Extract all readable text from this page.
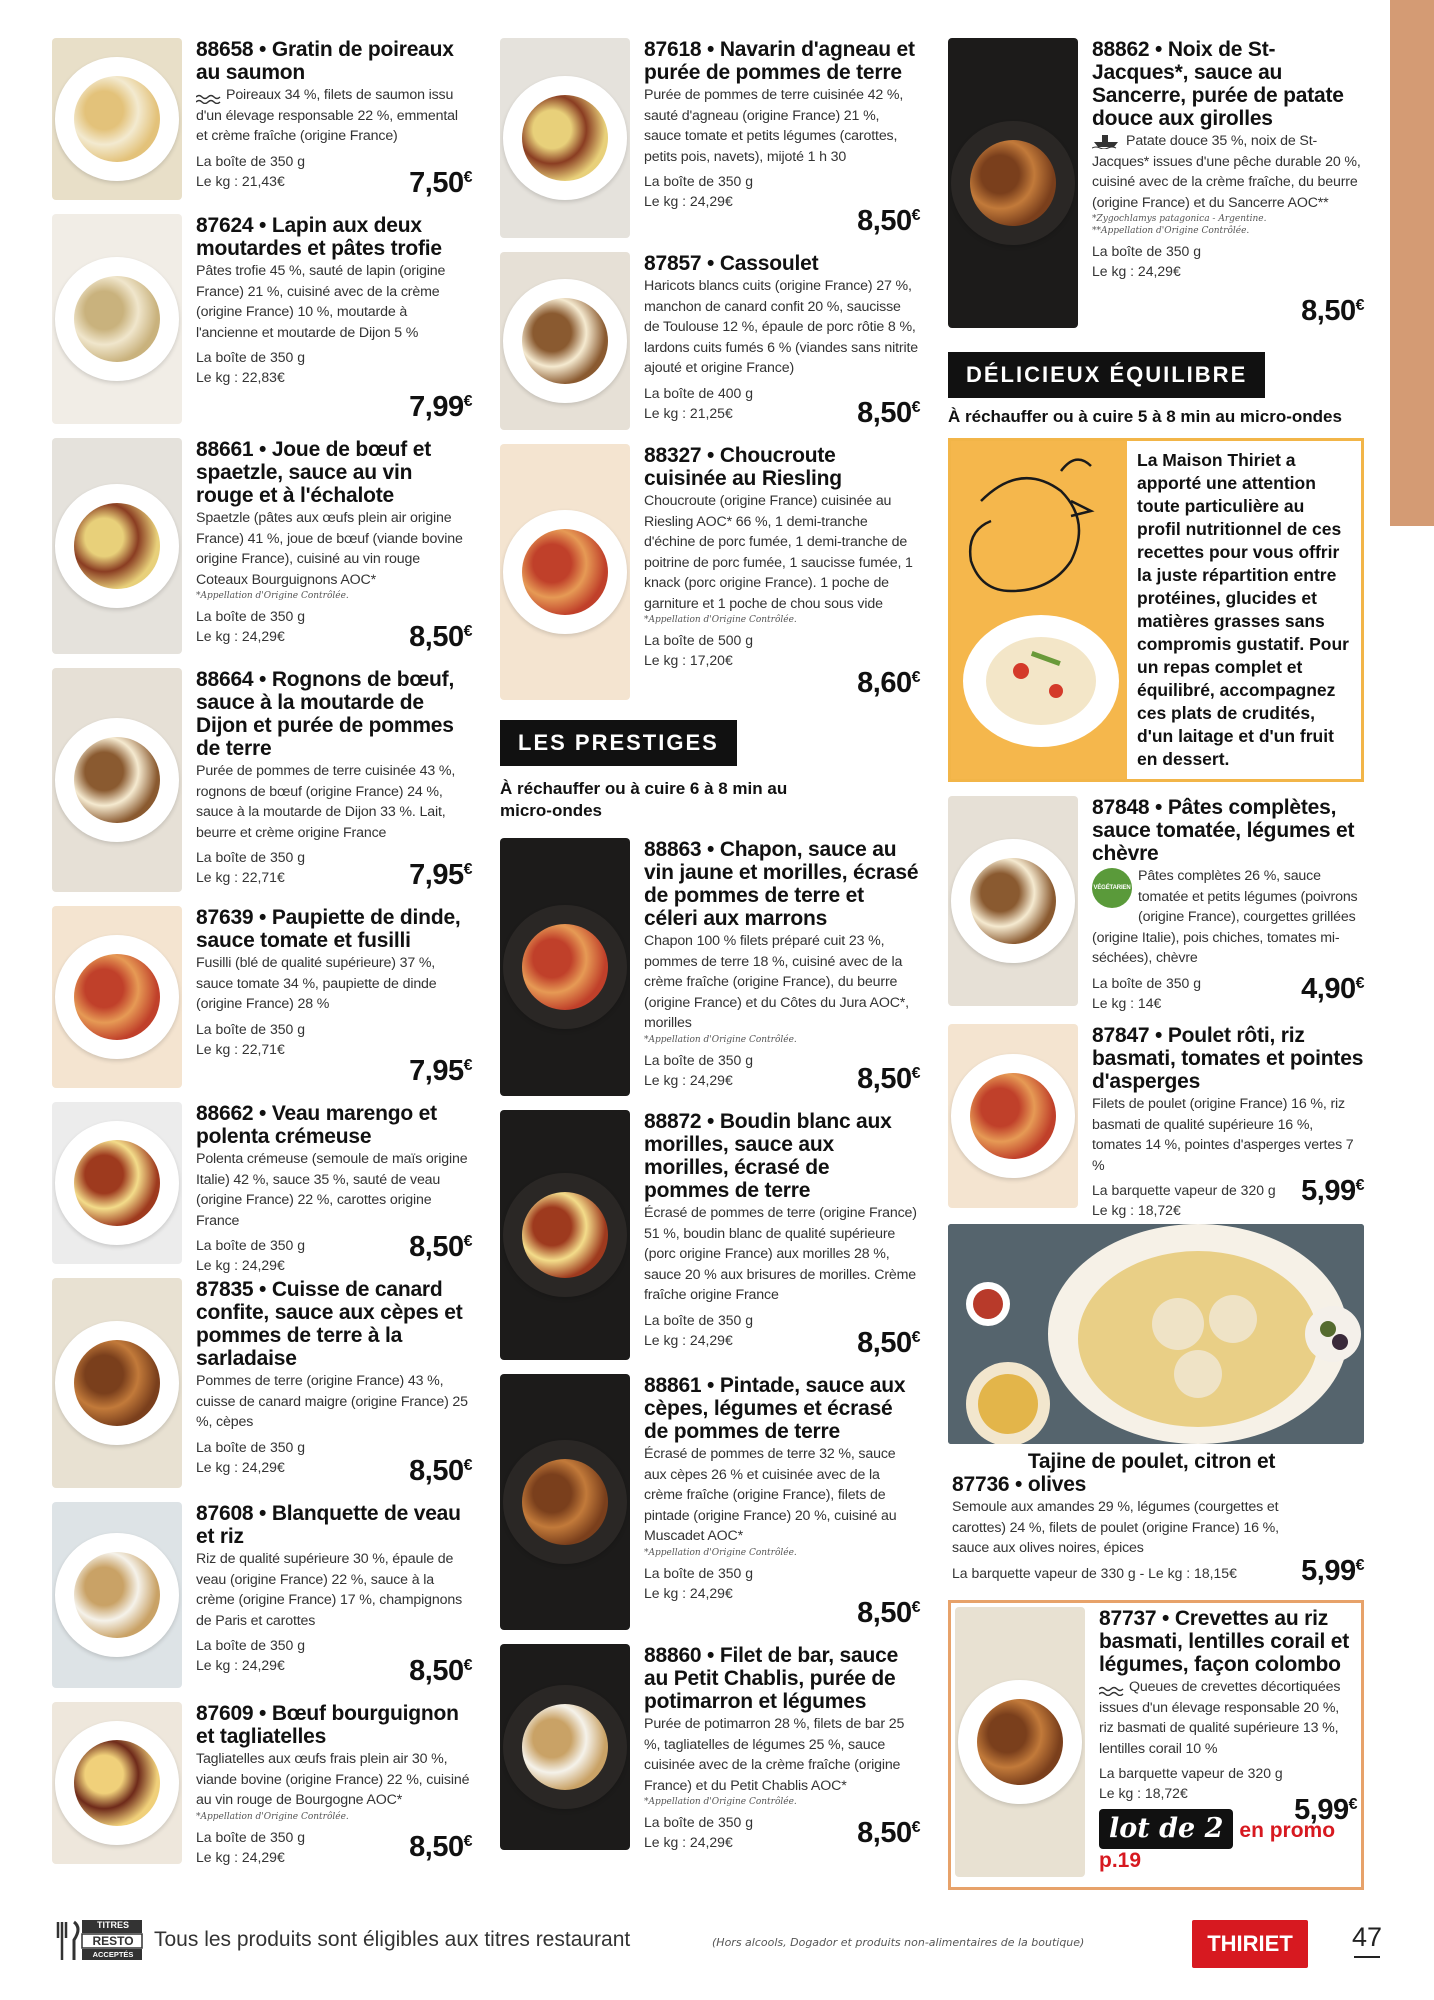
88658 • Gratin de poireaux au saumon
Poireaux 34 %, filets de saumon issu d'un élevage responsable 22 %, emmental et crème fraîche (origine France)
La boîte de 350 g
Le kg : 21,43€	7,50€
87624 • Lapin aux deux moutardes et pâtes trofie
Pâtes trofie 45 %, sauté de lapin (origine France) 21 %, cuisiné avec de la crème (origine France) 10 %, moutarde à l'ancienne et moutarde de Dijon 5 %
La boîte de 350 g
Le kg : 22,83€
7,99€
88661 • Joue de bœuf et spaetzle, sauce au vin rouge et à l'échalote
Spaetzle (pâtes aux œufs plein air origine France) 41 %, joue de bœuf (viande bovine origine France), cuisiné au vin rouge Coteaux Bourguignons AOC*
*Appellation d'Origine Contrôlée.
La boîte de 350 g
Le kg : 24,29€	8,50€
88664 • Rognons de bœuf, sauce à la moutarde de Dijon et purée de pommes de terre
Purée de pommes de terre cuisinée 43 %, rognons de bœuf (origine France) 24 %, sauce à la moutarde de Dijon 33 %. Lait, beurre et crème origine France
La boîte de 350 g
Le kg : 22,71€	7,95€
87639 • Paupiette de dinde, sauce tomate et fusilli
Fusilli (blé de qualité supérieure) 37 %, sauce tomate 34 %, paupiette de dinde (origine France) 28 %
La boîte de 350 g
Le kg : 22,71€
7,95€
88662 • Veau marengo et polenta crémeuse
Polenta crémeuse (semoule de maïs origine Italie) 42 %, sauce 35 %, sauté de veau (origine France) 22 %, carottes origine France
La boîte de 350 g
Le kg : 24,29€
8,50€
87835 • Cuisse de canard confite, sauce aux cèpes et pommes de terre à la sarladaise
Pommes de terre (origine France) 43 %, cuisse de canard maigre (origine France) 25 %, cèpes
La boîte de 350 g
Le kg : 24,29€	8,50€
87608 • Blanquette de veau et riz
Riz de qualité supérieure 30 %, épaule de veau (origine France) 22 %, sauce à la crème (origine France) 17 %, champignons de Paris et carottes
La boîte de 350 g
Le kg : 24,29€	8,50€
87609 • Bœuf bourguignon et tagliatelles
Tagliatelles aux œufs frais plein air 30 %, viande bovine (origine France) 22 %, cuisiné au vin rouge de Bourgogne AOC*
*Appellation d'Origine Contrôlée.
La boîte de 350 g
Le kg : 24,29€	8,50€
87618 • Navarin d'agneau et purée de pommes de terre
Purée de pommes de terre cuisinée 42 %, sauté d'agneau (origine France) 21 %, sauce tomate et petits légumes (carottes, petits pois, navets), mijoté 1 h 30
La boîte de 350 g
Le kg : 24,29€
8,50€
87857 • Cassoulet
Haricots blancs cuits (origine France) 27 %, manchon de canard confit 20 %, saucisse de Toulouse 12 %, épaule de porc rôtie 8 %, lardons cuits fumés 6 % (viandes sans nitrite ajouté et origine France)
La boîte de 400 g
Le kg : 21,25€	8,50€
88327 • Choucroute cuisinée au Riesling
Choucroute (origine France) cuisinée au Riesling AOC* 66 %, 1 demi-tranche d'échine de porc fumée, 1 demi-tranche de poitrine de porc fumée, 1 saucisse fumée, 1 knack (porc origine France). 1 poche de garniture et 1 poche de chou sous vide
*Appellation d'Origine Contrôlée.
La boîte de 500 g
Le kg : 17,20€
8,60€
LES PRESTIGES
À réchauffer ou à cuire 6 à 8 min au micro-ondes
88863 • Chapon, sauce au vin jaune et morilles, écrasé de pommes de terre et céleri aux marrons
Chapon 100 % filets préparé cuit 23 %, pommes de terre 18 %, cuisiné avec de la crème fraîche (origine France), du beurre (origine France) et du Côtes du Jura AOC*, morilles
*Appellation d'Origine Contrôlée.
La boîte de 350 g
Le kg : 24,29€	8,50€
88872 • Boudin blanc aux morilles, sauce aux morilles, écrasé de pommes de terre
Écrasé de pommes de terre (origine France) 51 %, boudin blanc de qualité supérieure (porc origine France) aux morilles 28 %, sauce 20 % aux brisures de morilles. Crème fraîche origine France
La boîte de 350 g
Le kg : 24,29€	8,50€
88861 • Pintade, sauce aux cèpes, légumes et écrasé de pommes de terre
Écrasé de pommes de terre 32 %, sauce aux cèpes 26 % et cuisinée avec de la crème fraîche (origine France), filets de pintade (origine France) 20 %, cuisiné au Muscadet AOC*
*Appellation d'Origine Contrôlée.
La boîte de 350 g
Le kg : 24,29€
8,50€
88860 • Filet de bar, sauce au Petit Chablis, purée de potimarron et légumes
Purée de potimarron 28 %, filets de bar 25 %, tagliatelles de légumes 25 %, sauce cuisinée avec de la crème fraîche (origine France) et du Petit Chablis AOC*
*Appellation d'Origine Contrôlée.
La boîte de 350 g
Le kg : 24,29€	8,50€
88862 • Noix de St-Jacques*, sauce au Sancerre, purée de patate douce aux girolles
Patate douce 35 %, noix de St-Jacques* issues d'une pêche durable 20 %, cuisiné avec de la crème fraîche, du beurre (origine France) et du Sancerre AOC**
*Zygochlamys patagonica - Argentine.
**Appellation d'Origine Contrôlée.
La boîte de 350 g
Le kg : 24,29€
8,50€
DÉLICIEUX ÉQUILIBRE
À réchauffer ou à cuire 5 à 8 min au micro-ondes
La Maison Thiriet a apporté une attention toute particulière au profil nutritionnel de ces recettes pour vous offrir la juste répartition entre protéines, glucides et matières grasses sans compromis gustatif. Pour un repas complet et équilibré, accompagnez ces plats de crudités, d'un laitage et d'un fruit en dessert.
87848 • Pâtes complètes, sauce tomatée, légumes et chèvre
VÉGÉTARIEN
Pâtes complètes 26 %, sauce tomatée et petits légumes (poivrons (origine France), courgettes grillées (origine Italie), pois chiches, tomates mi-séchées), chèvre
La boîte de 350 g
Le kg : 14€	4,90€
87847 • Poulet rôti, riz basmati, tomates et pointes d'asperges
Filets de poulet (origine France) 16 %, riz basmati de qualité supérieure 16 %, tomates 14 %, pointes d'asperges vertes 7 %
La barquette vapeur de 320 g
Le kg : 18,72€
5,99€
87736 • Tajine de poulet, citron et olives
Semoule aux amandes 29 %, légumes (courgettes et carottes) 24 %, filets de poulet (origine France) 16 %, sauce aux olives noires, épices
La barquette vapeur de 330 g - Le kg : 18,15€	5,99€
87737 • Crevettes au riz basmati, lentilles corail et légumes, façon colombo
Queues de crevettes décortiquées issues d'un élevage responsable 20 %, riz basmati de qualité supérieure 13 %, lentilles corail 10 %
La barquette vapeur de 320 g
Le kg : 18,72€
lot de 2 en promo p.19
5,99€
TITRES
RESTO
ACCEPTÉS
Tous les produits sont éligibles aux titres restaurant	(Hors alcools, Dogador et produits non-alimentaires de la boutique)	THIRIET	47
